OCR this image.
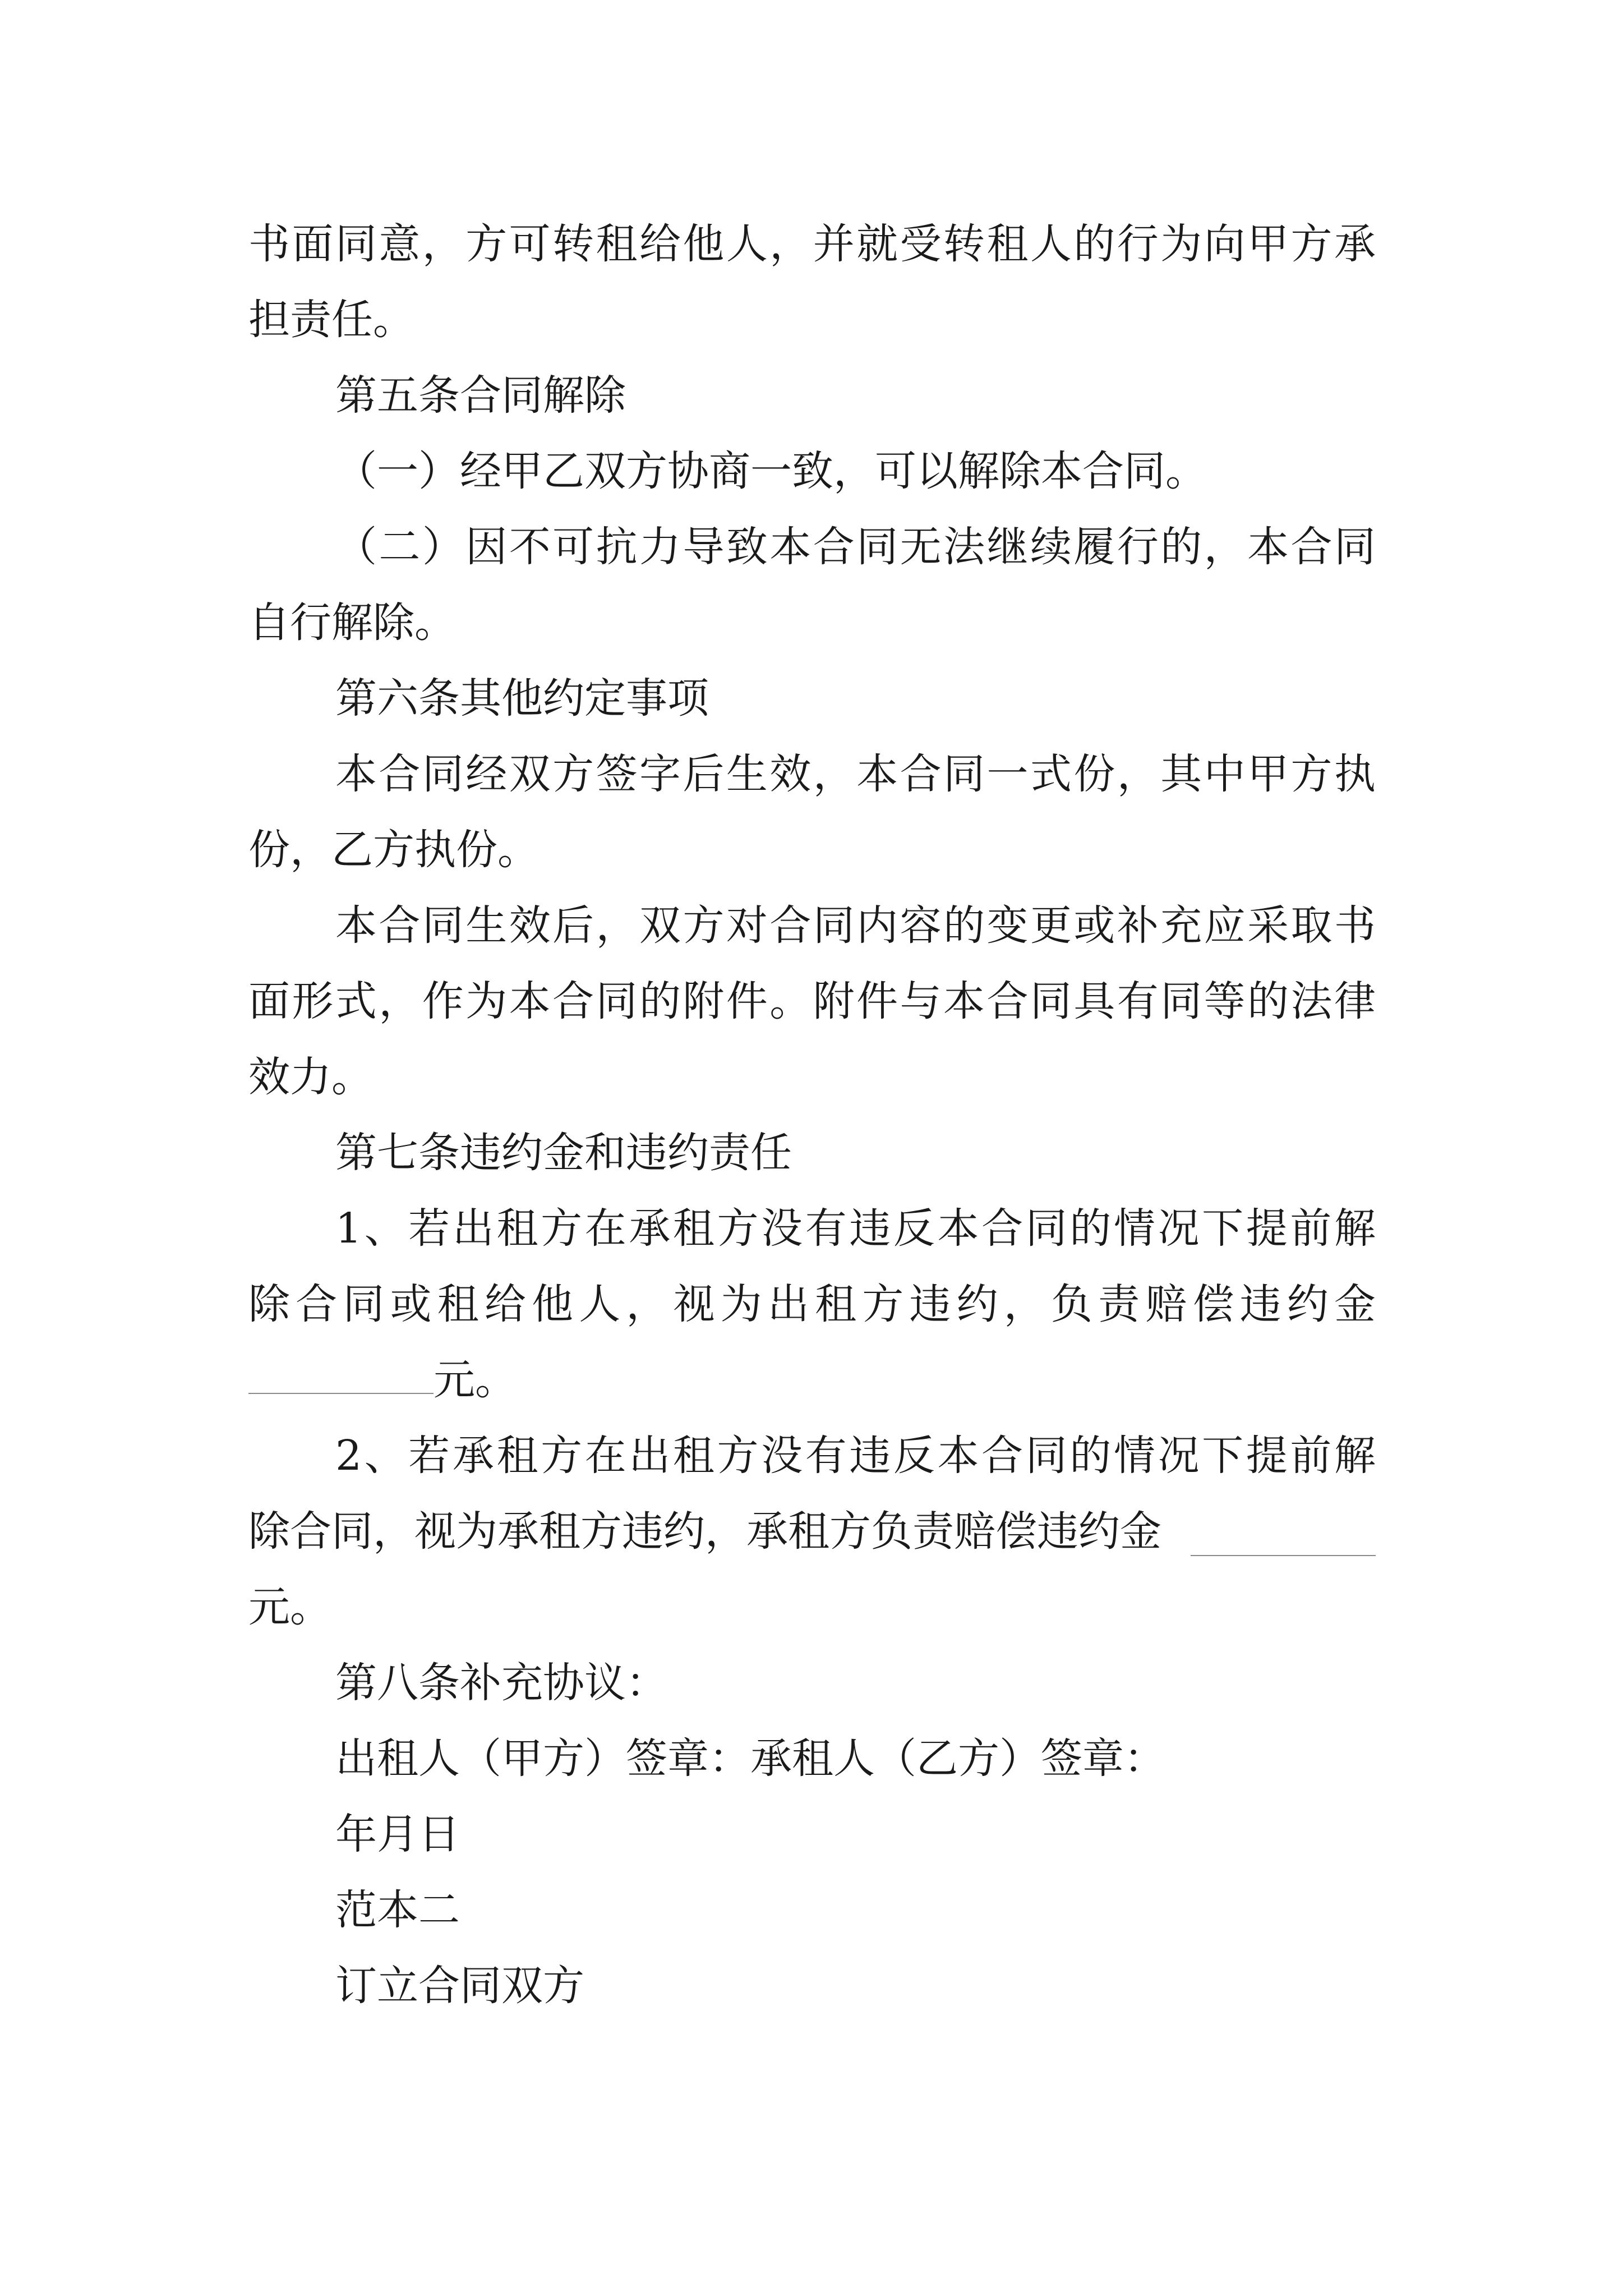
书面同意，方可转租给他人，并就受转租人的行为向甲方承

担责任。

第五条合同解除

（一）经甲乙双方协商一致，可以解除本合同。

（二）因不可抗力导致本合同无法继续履行的，本合同

自行解除。

第六条其他约定事项

本合同经双方签字后生效，本合同一式份，其中甲方执

份，乙方执份。

本合同生效后，双方对合同内容的变更或补充应采取书

面形式，作为本合同的附件。附件与本合同具有同等的法律

效力。

第七条违约金和违约责任

1、若出租方在承租方没有违反本合同的情况下提前解

除合同或租给他人，视为出租方违约，负责赔偿违约金

元。

2、若承租方在出租方没有违反本合同的情况下提前解

除合同，视为承租方违约，承租方负责赔偿违约金

元。

第八条补充协议：

出租人（甲方）签章：承租人（乙方）签章：

年月日

范本二

订立合同双方
